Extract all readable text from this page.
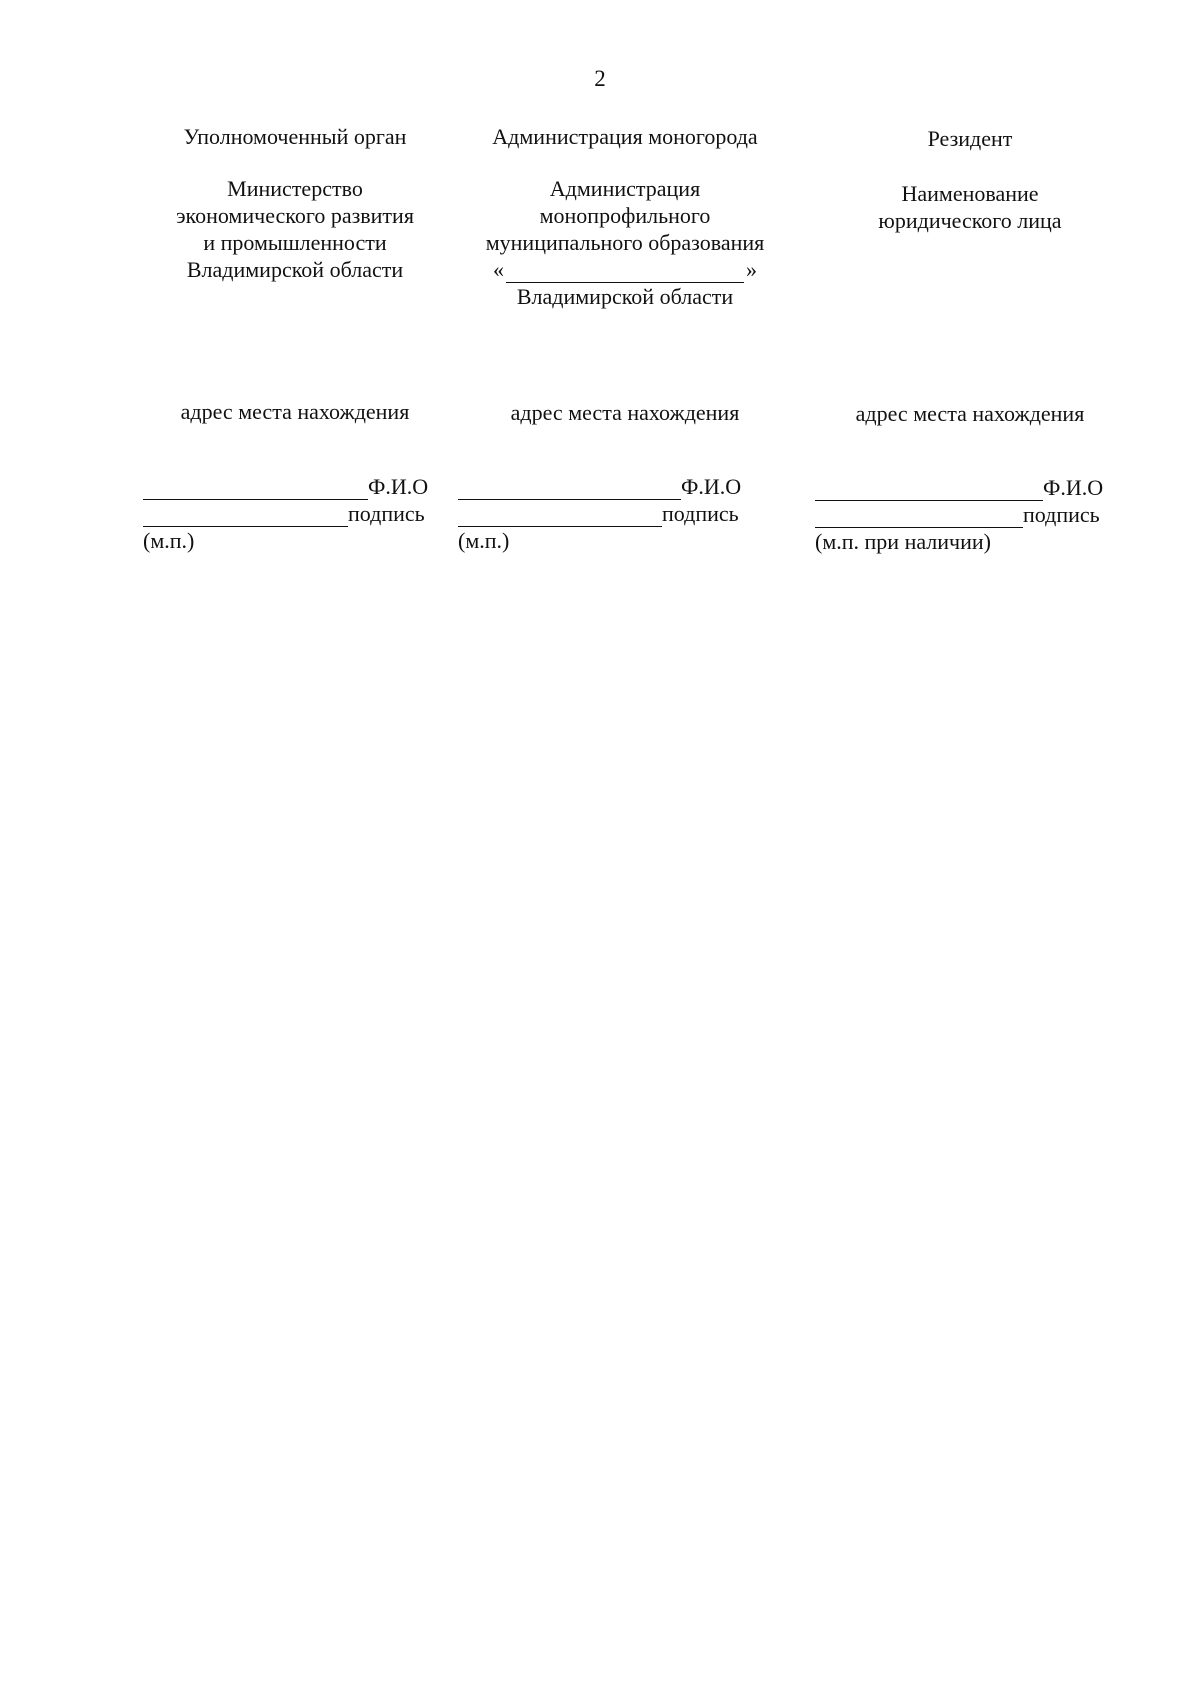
2
Уполномоченный орган
Министерство
экономического развития
и промышленности
Владимирской области
адрес места нахождения
Администрация моногорода
Администрация
монопрофильного
муниципального образования
«	»
Владимирской области
адрес места нахождения
Резидент
Наименование
юридического лица
адрес места нахождения
Ф.И.О
подпись
(м.п.)
Ф.И.О
подпись
(м.п.)
Ф.И.О
подпись
(м.п. при наличии)
